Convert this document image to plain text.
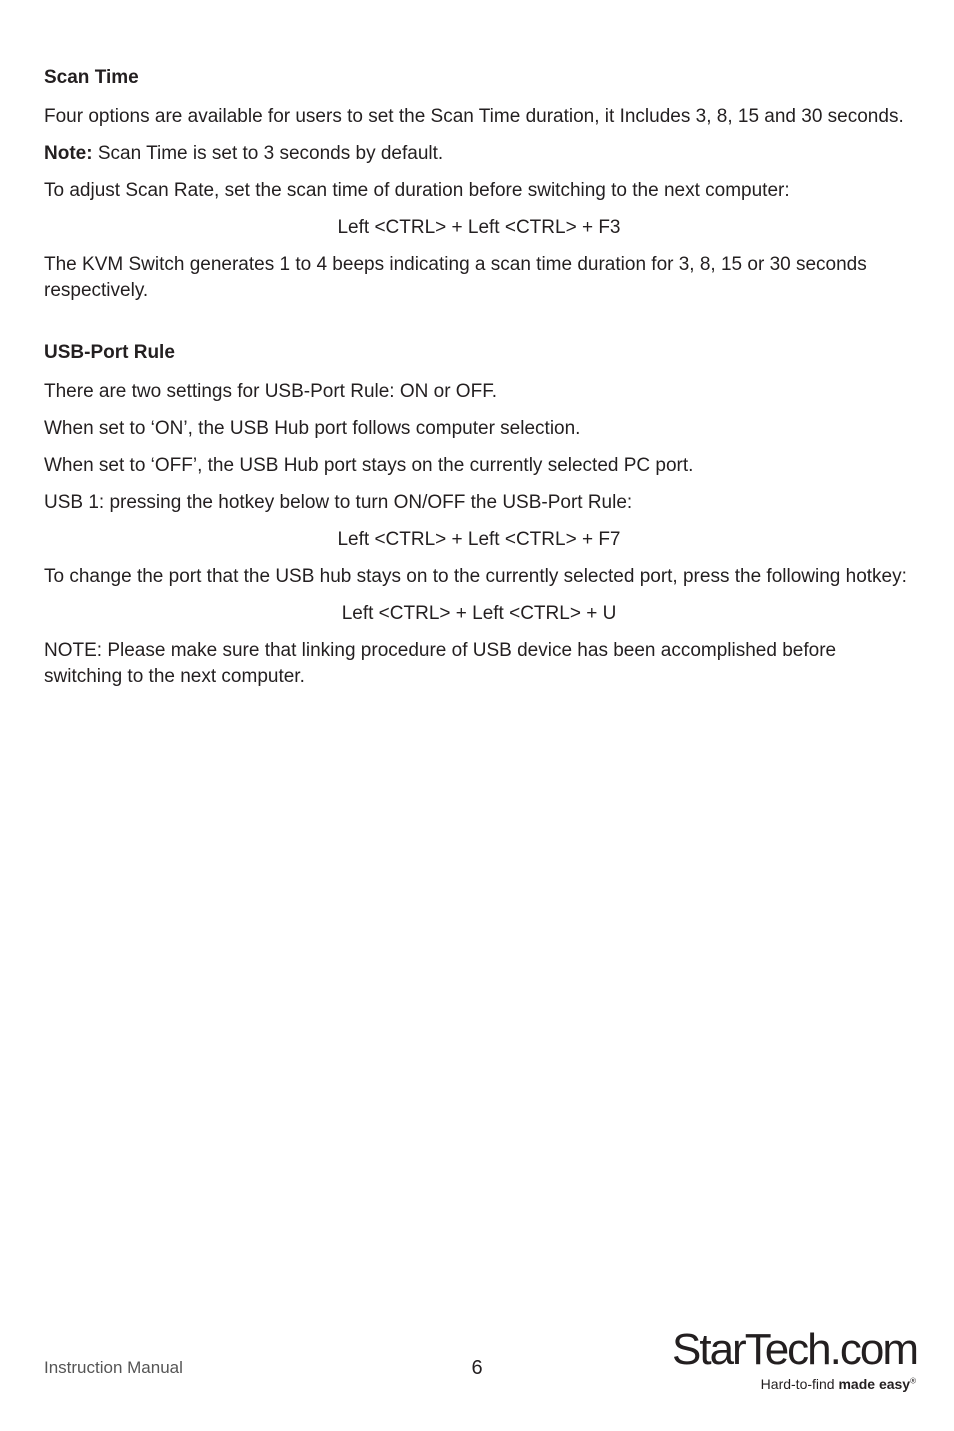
Scan Time

Four options are available for users to set the Scan Time duration, it Includes 3, 8, 15 and 30 seconds.

Note: Scan Time is set to 3 seconds by default.

To adjust Scan Rate, set the scan time of duration before switching to the next computer:

Left <CTRL> + Left <CTRL> + F3

The KVM Switch generates 1 to 4 beeps indicating a scan time duration for 3, 8, 15 or 30 seconds respectively.

USB-Port Rule

There are two settings for USB-Port Rule: ON or OFF.

When set to ‘ON’, the USB Hub port follows computer selection.

When set to ‘OFF’, the USB Hub port stays on the currently selected PC port.

USB 1: pressing the hotkey below to turn ON/OFF the USB-Port Rule:

Left <CTRL> + Left <CTRL> + F7

To change the port that the USB hub stays on to the currently selected port, press the following hotkey:

Left <CTRL> + Left <CTRL> + U

NOTE: Please make sure that linking procedure of USB device has been accomplished before switching to the next computer.

Instruction Manual	6	StarTech.com
Hard-to-find made easy®
